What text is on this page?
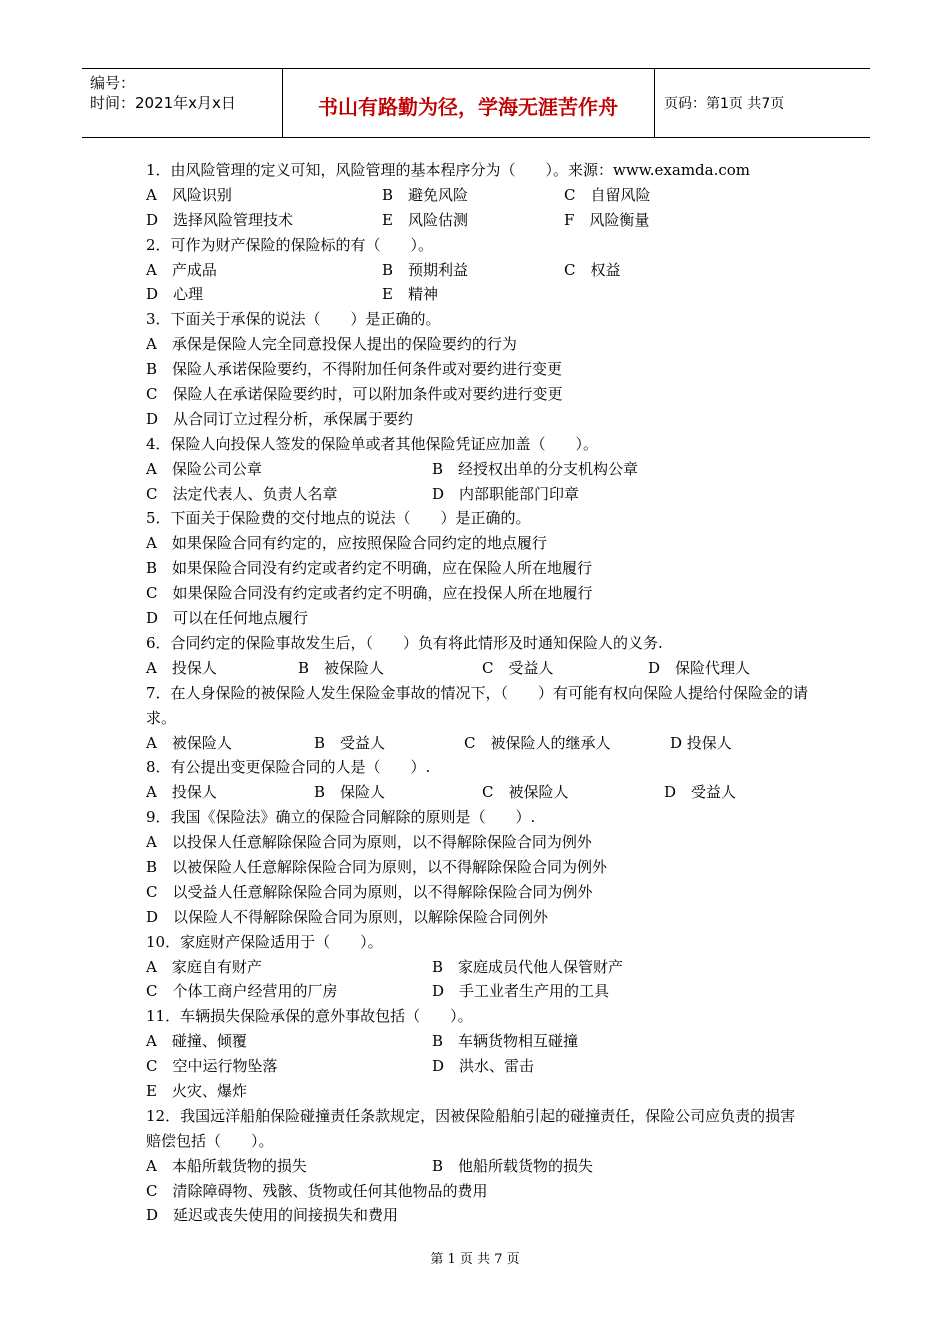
编号：
时间：2021年x月x日	书山有路勤为径，学海无涯苦作舟	页码：第1页 共7页
1．由风险管理的定义可知，风险管理的基本程序分为（　　）。来源：www.examda.com
A　风险识别	B　避免风险	C　自留风险
D　选择风险管理技术	E　风险估测	F　风险衡量
2．可作为财产保险的保险标的有（　　）。
A　产成品	B　预期利益	C　权益
D　心理	E　精神
3．下面关于承保的说法（　　）是正确的。
A　承保是保险人完全同意投保人提出的保险要约的行为
B　保险人承诺保险要约，不得附加任何条件或对要约进行变更
C　保险人在承诺保险要约时，可以附加条件或对要约进行变更
D　从合同订立过程分析，承保属于要约
4．保险人向投保人签发的保险单或者其他保险凭证应加盖（　　）。
A　保险公司公章	B　经授权出单的分支机构公章
C　法定代表人、负责人名章	D　内部职能部门印章
5．下面关于保险费的交付地点的说法（　　）是正确的。
A　如果保险合同有约定的，应按照保险合同约定的地点履行
B　如果保险合同没有约定或者约定不明确，应在保险人所在地履行
C　如果保险合同没有约定或者约定不明确，应在投保人所在地履行
D　可以在任何地点履行
6．合同约定的保险事故发生后，（　　）负有将此情形及时通知保险人的义务.
A　投保人	B　被保险人	C　受益人	D　保险代理人
7．在人身保险的被保险人发生保险金事故的情况下，（　　）有可能有权向保险人提给付保险金的请求。
A　被保险人	B　受益人	C　被保险人的继承人	D 投保人
8．有公提出变更保险合同的人是（　　）.
A　投保人	B　保险人	C　被保险人	D　受益人
9．我国《保险法》确立的保险合同解除的原则是（　　）.
A　以投保人任意解除保险合同为原则，以不得解除保险合同为例外
B　以被保险人任意解除保险合同为原则，以不得解除保险合同为例外
C　以受益人任意解除保险合同为原则，以不得解除保险合同为例外
D　以保险人不得解除保险合同为原则，以解除保险合同例外
10．家庭财产保险适用于（　　）。
A　家庭自有财产	B　家庭成员代他人保管财产
C　个体工商户经营用的厂房	D　手工业者生产用的工具
11．车辆损失保险承保的意外事故包括（　　）。
A　碰撞、倾覆	B　车辆货物相互碰撞
C　空中运行物坠落	D　洪水、雷击
E　火灾、爆炸
12．我国远洋船舶保险碰撞责任条款规定，因被保险船舶引起的碰撞责任，保险公司应负责的损害赔偿包括（　　）。
A　本船所载货物的损失	B　他船所载货物的损失
C　清除障碍物、残骸、货物或任何其他物品的费用
D　延迟或丧失使用的间接损失和费用
第 1 页 共 7 页
